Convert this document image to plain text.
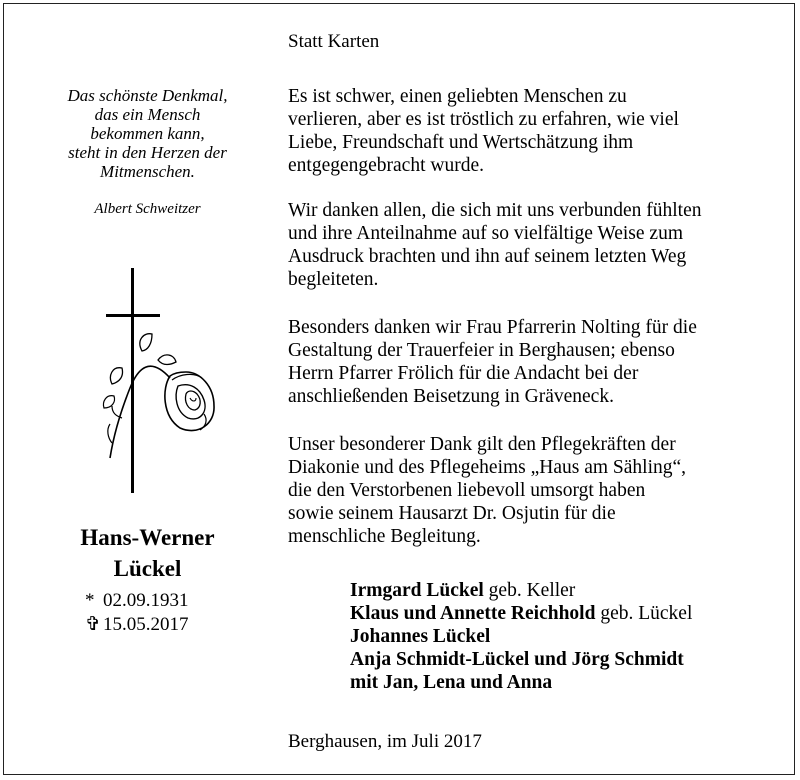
Das schönste Denkmal,
das ein Mensch
bekommen kann,
steht in den Herzen der
Mitmenschen.
Albert Schweitzer
Hans-Werner
Lückel
* 02.09.1931
✞ 15.05.2017
Statt Karten
Es ist schwer, einen geliebten Menschen zu
verlieren, aber es ist tröstlich zu erfahren, wie viel
Liebe, Freundschaft und Wertschätzung ihm
entgegengebracht wurde.
Wir danken allen, die sich mit uns verbunden fühlten
und ihre Anteilnahme auf so vielfältige Weise zum
Ausdruck brachten und ihn auf seinem letzten Weg
begleiteten.
Besonders danken wir Frau Pfarrerin Nolting für die
Gestaltung der Trauerfeier in Berghausen; ebenso
Herrn Pfarrer Frölich für die Andacht bei der
anschließenden Beisetzung in Gräveneck.
Unser besonderer Dank gilt den Pflegekräften der
Diakonie und des Pflegeheims „Haus am Sähling“,
die den Verstorbenen liebevoll umsorgt haben
sowie seinem Hausarzt Dr. Osjutin für die
menschliche Begleitung.
Irmgard Lückel geb. Keller
Klaus und Annette Reichhold geb. Lückel
Johannes Lückel
Anja Schmidt-Lückel und Jörg Schmidt
mit Jan, Lena und Anna
Berghausen, im Juli 2017
